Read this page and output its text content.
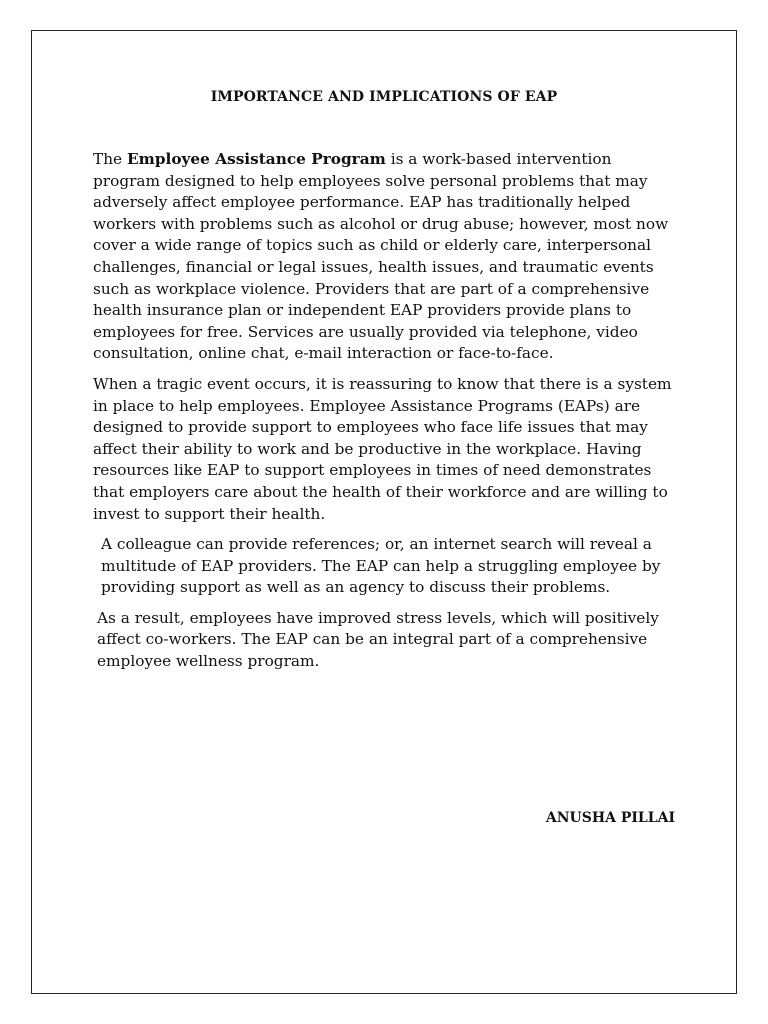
IMPORTANCE AND IMPLICATIONS OF EAP

The Employee Assistance Program is a work-based intervention program designed to help employees solve personal problems that may adversely affect employee performance. EAP has traditionally helped workers with problems such as alcohol or drug abuse; however, most now cover a wide range of topics such as child or elderly care, interpersonal challenges, financial or legal issues, health issues, and traumatic events such as workplace violence. Providers that are part of a comprehensive health insurance plan or independent EAP providers provide plans to employees for free. Services are usually provided via telephone, video consultation, online chat, e-mail interaction or face-to-face.

When a tragic event occurs, it is reassuring to know that there is a system in place to help employees. Employee Assistance Programs (EAPs) are designed to provide support to employees who face life issues that may affect their ability to work and be productive in the workplace. Having resources like EAP to support employees in times of need demonstrates that employers care about the health of their workforce and are willing to invest to support their health.

A colleague can provide references; or, an internet search will reveal a multitude of EAP providers. The EAP can help a struggling employee by providing support as well as an agency to discuss their problems.

As a result, employees have improved stress levels, which will positively affect co-workers. The EAP can be an integral part of a comprehensive employee wellness program.

ANUSHA PILLAI
